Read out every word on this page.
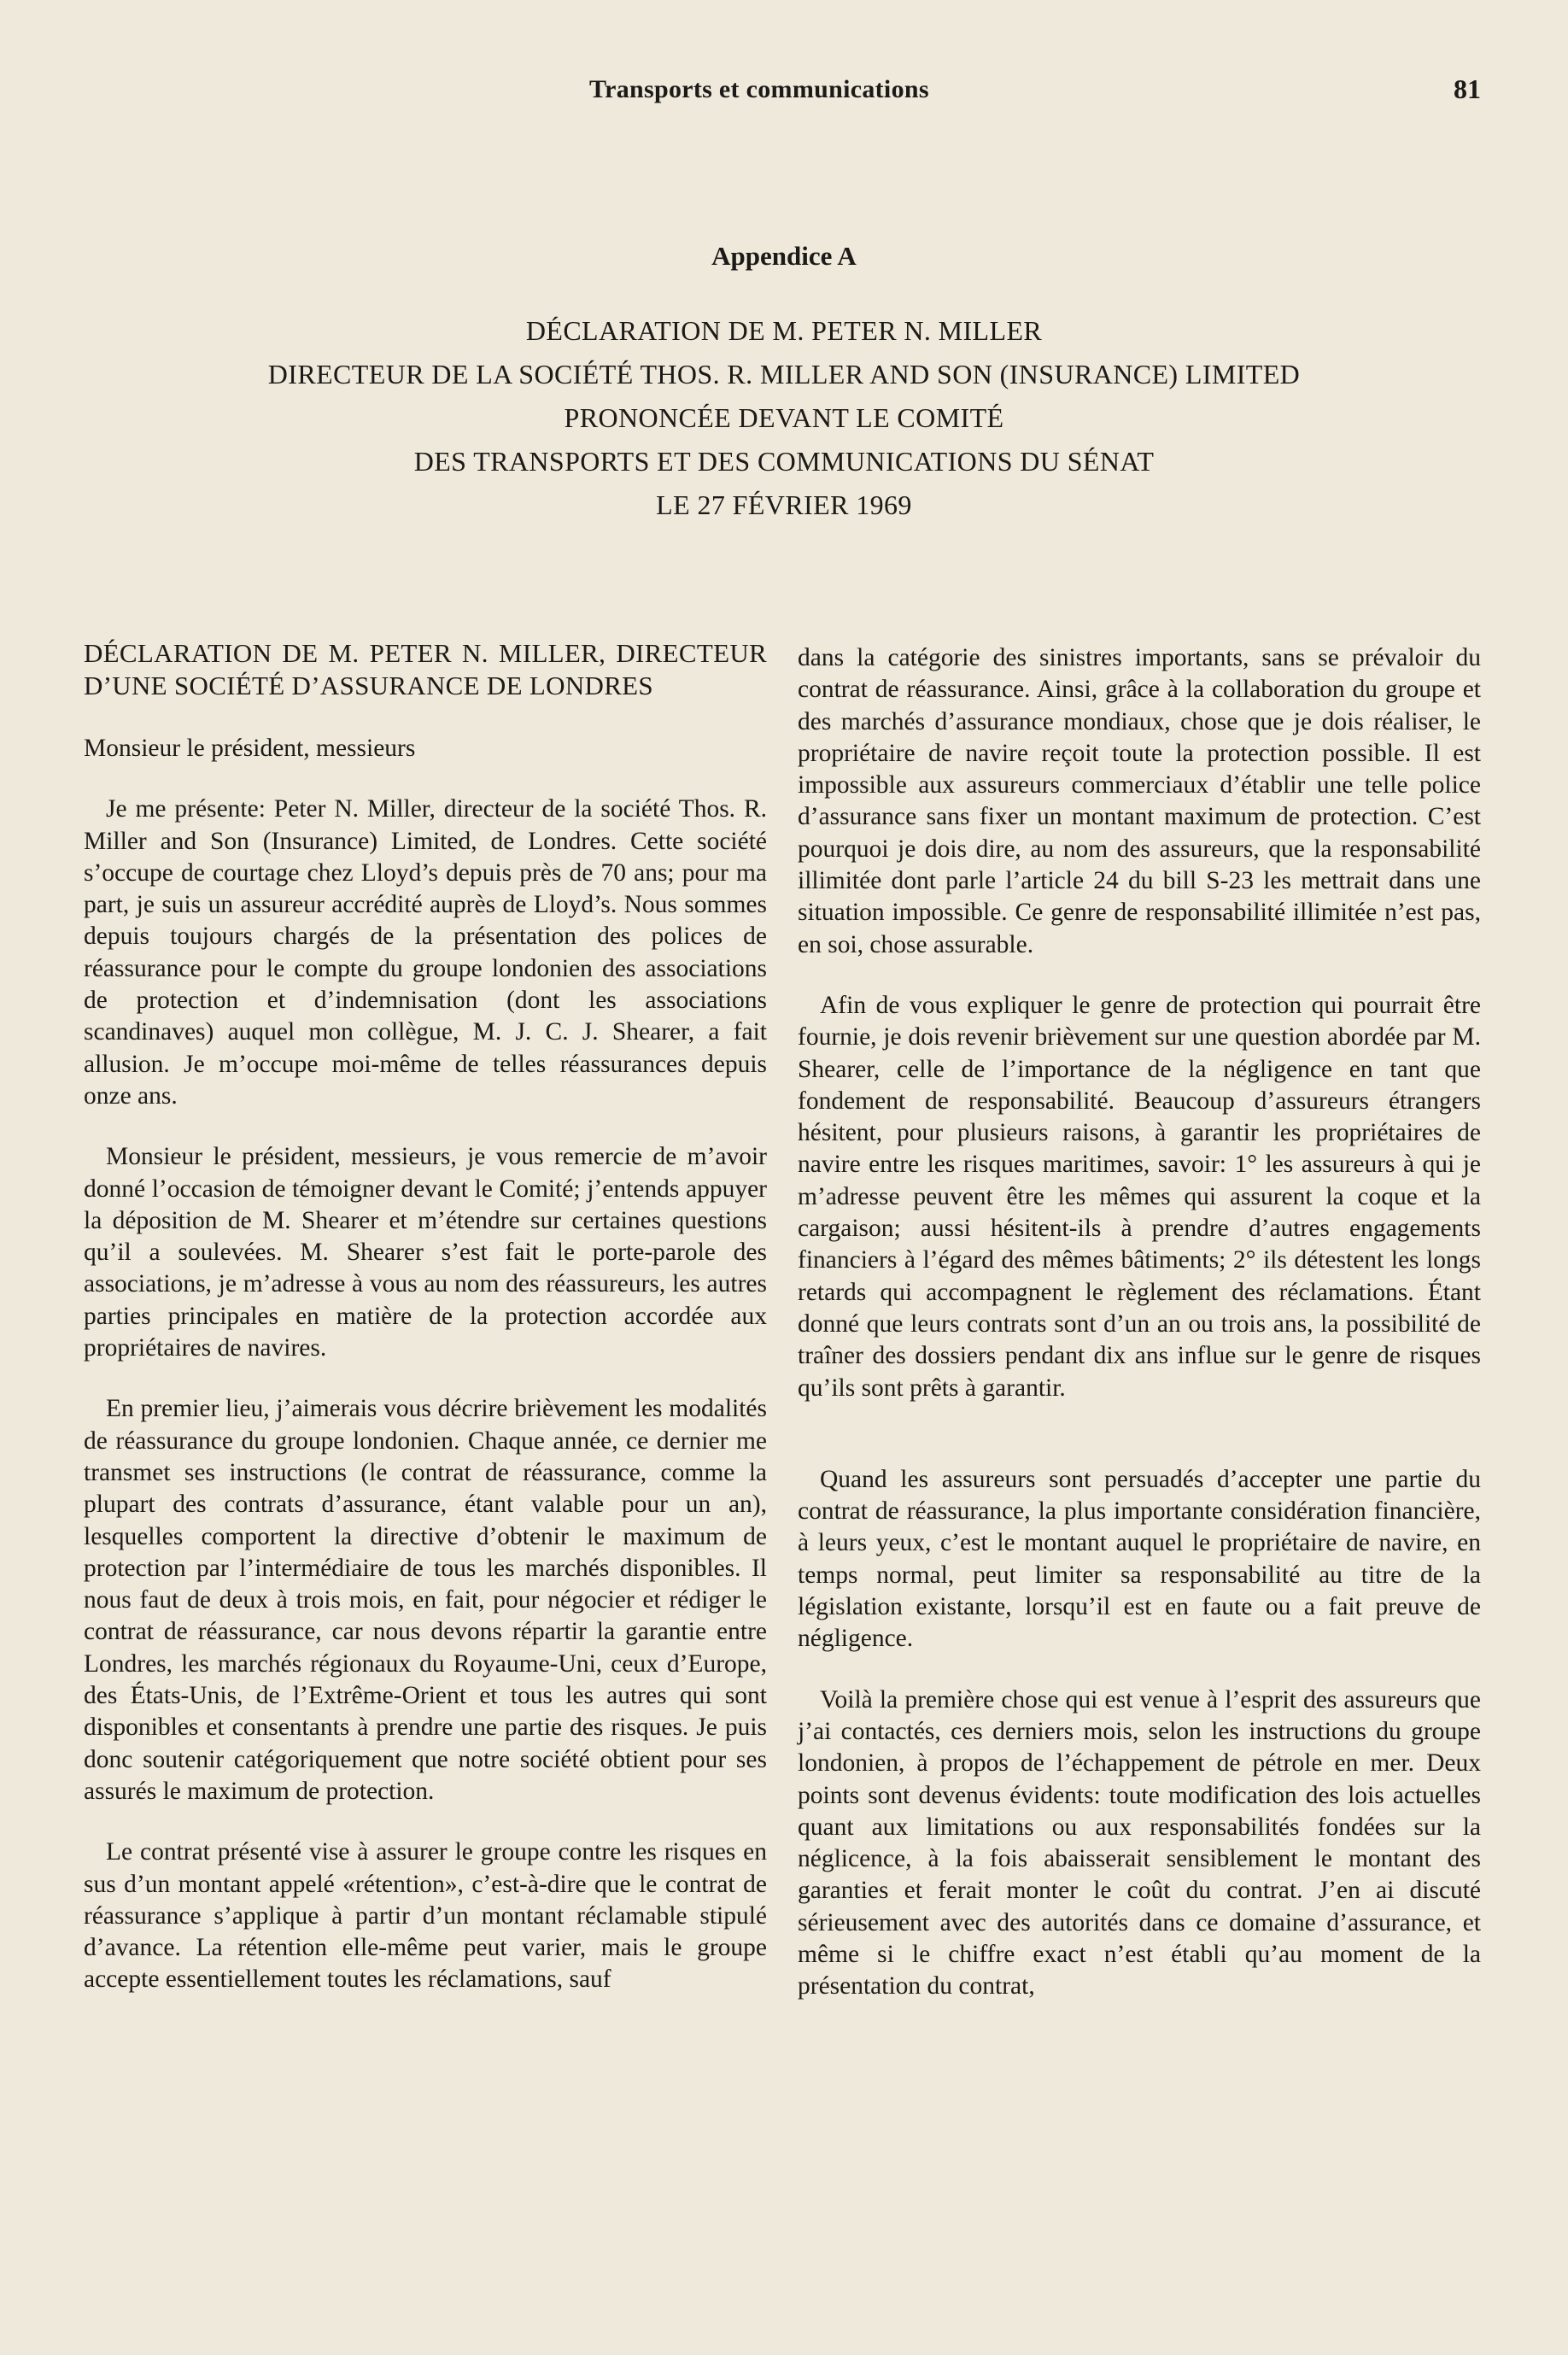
Transports et communications	81
Appendice A
DÉCLARATION DE M. PETER N. MILLER
DIRECTEUR DE LA SOCIÉTÉ THOS. R. MILLER AND SON (INSURANCE) LIMITED
PRONONCÉE DEVANT LE COMITÉ
DES TRANSPORTS ET DES COMMUNICATIONS DU SÉNAT
LE 27 FÉVRIER 1969
DÉCLARATION DE M. PETER N. MILLER, DIRECTEUR D’UNE SOCIÉTÉ D’ASSURANCE DE LONDRES

Monsieur le président, messieurs

Je me présente: Peter N. Miller, directeur de la société Thos. R. Miller and Son (Insurance) Limited, de Londres. Cette société s’occupe de courtage chez Lloyd’s depuis près de 70 ans; pour ma part, je suis un assureur accrédité auprès de Lloyd’s. Nous sommes depuis toujours chargés de la présentation des polices de réassurance pour le compte du groupe londonien des associations de protection et d’indemnisation (dont les associations scandinaves) auquel mon collègue, M. J. C. J. Shearer, a fait allusion. Je m’occupe moi-même de telles réassurances depuis onze ans.

Monsieur le président, messieurs, je vous remercie de m’avoir donné l’occasion de témoigner devant le Comité; j’entends appuyer la déposition de M. Shearer et m’étendre sur certaines questions qu’il a soulevées. M. Shearer s’est fait le porte-parole des associations, je m’adresse à vous au nom des réassureurs, les autres parties principales en matière de la protection accordée aux propriétaires de navires.

En premier lieu, j’aimerais vous décrire brièvement les modalités de réassurance du groupe londonien. Chaque année, ce dernier me transmet ses instructions (le contrat de réassurance, comme la plupart des contrats d’assurance, étant valable pour un an), lesquelles comportent la directive d’obtenir le maximum de protection par l’intermédiaire de tous les marchés disponibles. Il nous faut de deux à trois mois, en fait, pour négocier et rédiger le contrat de réassurance, car nous devons répartir la garantie entre Londres, les marchés régionaux du Royaume-Uni, ceux d’Europe, des États-Unis, de l’Extrême-Orient et tous les autres qui sont disponibles et consentants à prendre une partie des risques. Je puis donc soutenir catégoriquement que notre société obtient pour ses assurés le maximum de protection.

Le contrat présenté vise à assurer le groupe contre les risques en sus d’un montant appelé «rétention», c’est-à-dire que le contrat de réassurance s’applique à partir d’un montant réclamable stipulé d’avance. La rétention elle-même peut varier, mais le groupe accepte essentiellement toutes les réclamations, sauf

dans la catégorie des sinistres importants, sans se prévaloir du contrat de réassurance. Ainsi, grâce à la collaboration du groupe et des marchés d’assurance mondiaux, chose que je dois réaliser, le propriétaire de navire reçoit toute la protection possible. Il est impossible aux assureurs commerciaux d’établir une telle police d’assurance sans fixer un montant maximum de protection. C’est pourquoi je dois dire, au nom des assureurs, que la responsabilité illimitée dont parle l’article 24 du bill S-23 les mettrait dans une situation impossible. Ce genre de responsabilité illimitée n’est pas, en soi, chose assurable.

Afin de vous expliquer le genre de protection qui pourrait être fournie, je dois revenir brièvement sur une question abordée par M. Shearer, celle de l’importance de la négligence en tant que fondement de responsabilité. Beaucoup d’assureurs étrangers hésitent, pour plusieurs raisons, à garantir les propriétaires de navire entre les risques maritimes, savoir: 1° les assureurs à qui je m’adresse peuvent être les mêmes qui assurent la coque et la cargaison; aussi hésitent-ils à prendre d’autres engagements financiers à l’égard des mêmes bâtiments; 2° ils détestent les longs retards qui accompagnent le règlement des réclamations. Étant donné que leurs contrats sont d’un an ou trois ans, la possibilité de traîner des dossiers pendant dix ans influe sur le genre de risques qu’ils sont prêts à garantir.

Quand les assureurs sont persuadés d’accepter une partie du contrat de réassurance, la plus importante considération financière, à leurs yeux, c’est le montant auquel le propriétaire de navire, en temps normal, peut limiter sa responsabilité au titre de la législation existante, lorsqu’il est en faute ou a fait preuve de négligence.

Voilà la première chose qui est venue à l’esprit des assureurs que j’ai contactés, ces derniers mois, selon les instructions du groupe londonien, à propos de l’échappement de pétrole en mer. Deux points sont devenus évidents: toute modification des lois actuelles quant aux limitations ou aux responsabilités fondées sur la néglicence, à la fois abaisserait sensiblement le montant des garanties et ferait monter le coût du contrat. J’en ai discuté sérieusement avec des autorités dans ce domaine d’assurance, et même si le chiffre exact n’est établi qu’au moment de la présentation du contrat,
